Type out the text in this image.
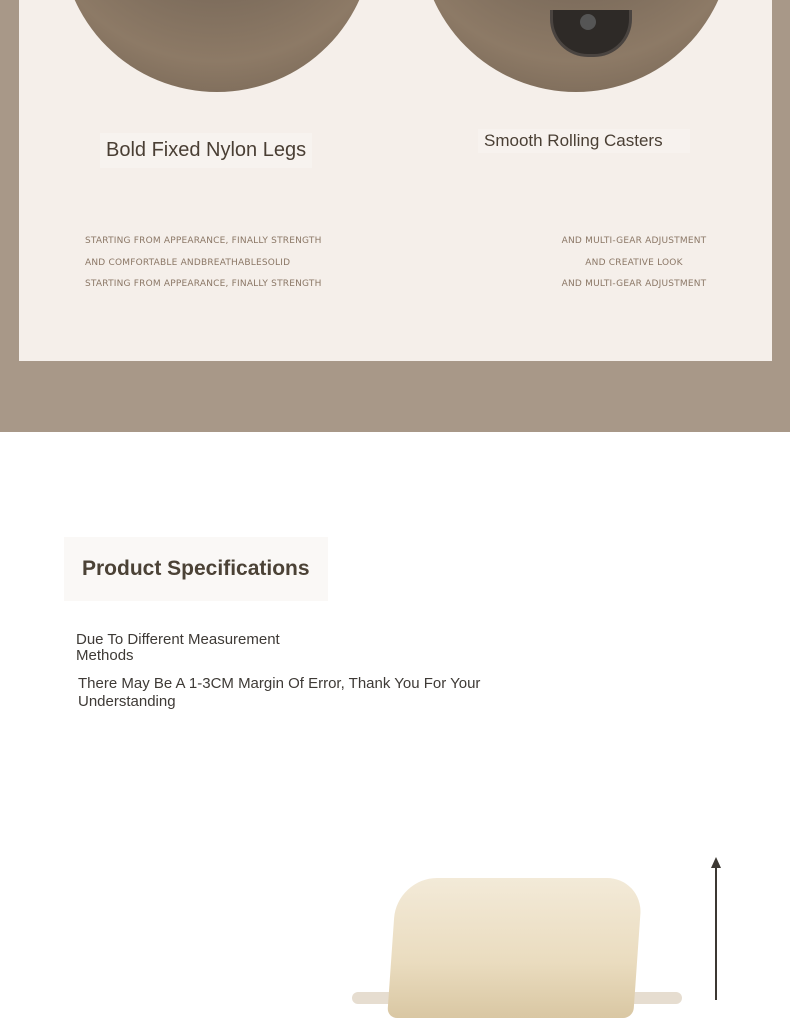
Bold Fixed Nylon Legs	Smooth Rolling Casters
STARTING FROM APPEARANCE, FINALLY STRENGTH
AND COMFORTABLE ANDBREATHABLESOLID
STARTING FROM APPEARANCE, FINALLY STRENGTH
AND MULTI-GEAR ADJUSTMENT
AND CREATIVE LOOK
AND MULTI-GEAR ADJUSTMENT
Product Specifications
Due To Different Measurement Methods
There May Be A 1-3CM Margin Of Error, Thank You For Your Understanding
